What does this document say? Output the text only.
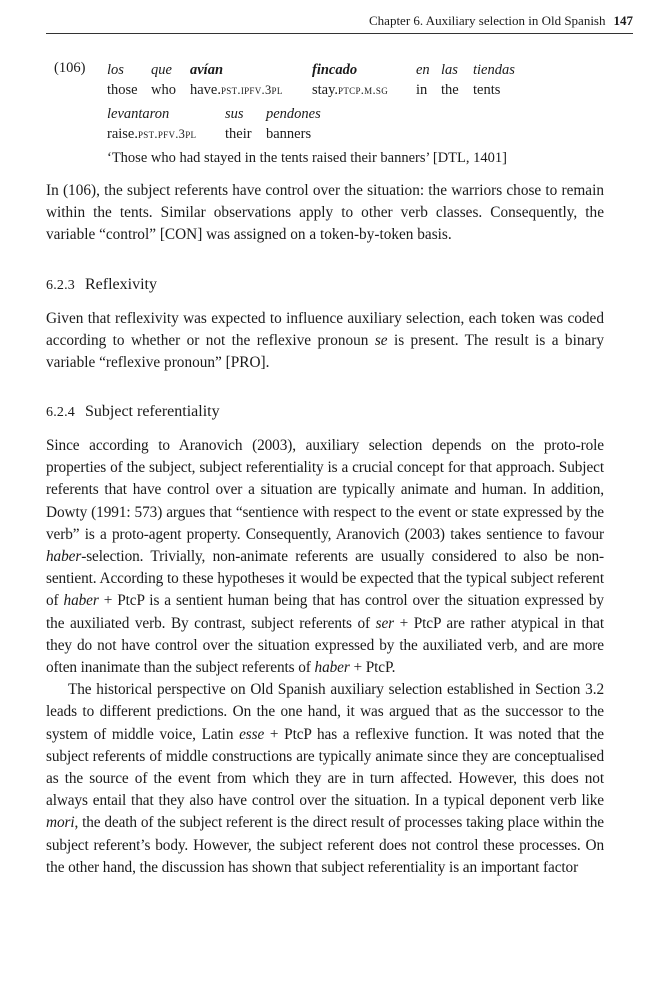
Chapter 6. Auxiliary selection in Old Spanish 147
(106) los
those
que
who
avían
have.pst.ipfv.3pl
fincado
stay.ptcp.m.sg
en
in
las
the
tiendas
tents
levantaron
raise.pst.pfv.3pl
sus
their
pendones
banners
‘Those who had stayed in the tents raised their banners’ [DTL, 1401]

In (106), the subject referents have control over the situation: the warriors chose to remain within the tents. Similar observations apply to other verb classes. Consequently, the variable “control” [CON] was assigned on a token-by-token basis.

6.2.3 Reflexivity

Given that reflexivity was expected to influence auxiliary selection, each token was coded according to whether or not the reflexive pronoun se is present. The result is a binary variable “reflexive pronoun” [PRO].

6.2.4 Subject referentiality

Since according to Aranovich (2003), auxiliary selection depends on the proto-role properties of the subject, subject referentiality is a crucial concept for that approach. Subject referents that have control over a situation are typically animate and human. In addition, Dowty (1991: 573) argues that “sentience with respect to the event or state expressed by the verb” is a proto-agent property. Consequently, Aranovich (2003) takes sentience to favour haber-selection. Trivially, non-animate referents are usually considered to also be non-sentient. According to these hypotheses it would be expected that the typical subject referent of haber + PtcP is a sentient human being that has control over the situation expressed by the auxiliated verb. By contrast, subject referents of ser + PtcP are rather atypical in that they do not have control over the situation expressed by the auxiliated verb, and are more often inanimate than the subject referents of haber + PtcP.

The historical perspective on Old Spanish auxiliary selection established in Section 3.2 leads to different predictions. On the one hand, it was argued that as the successor to the system of middle voice, Latin esse + PtcP has a reflexive function. It was noted that the subject referents of middle constructions are typically animate since they are conceptualised as the source of the event from which they are in turn affected. However, this does not always entail that they also have control over the situation. In a typical deponent verb like mori, the death of the subject referent is the direct result of processes taking place within the subject referent’s body. However, the subject referent does not control these processes. On the other hand, the discussion has shown that subject referentiality is an important factor
